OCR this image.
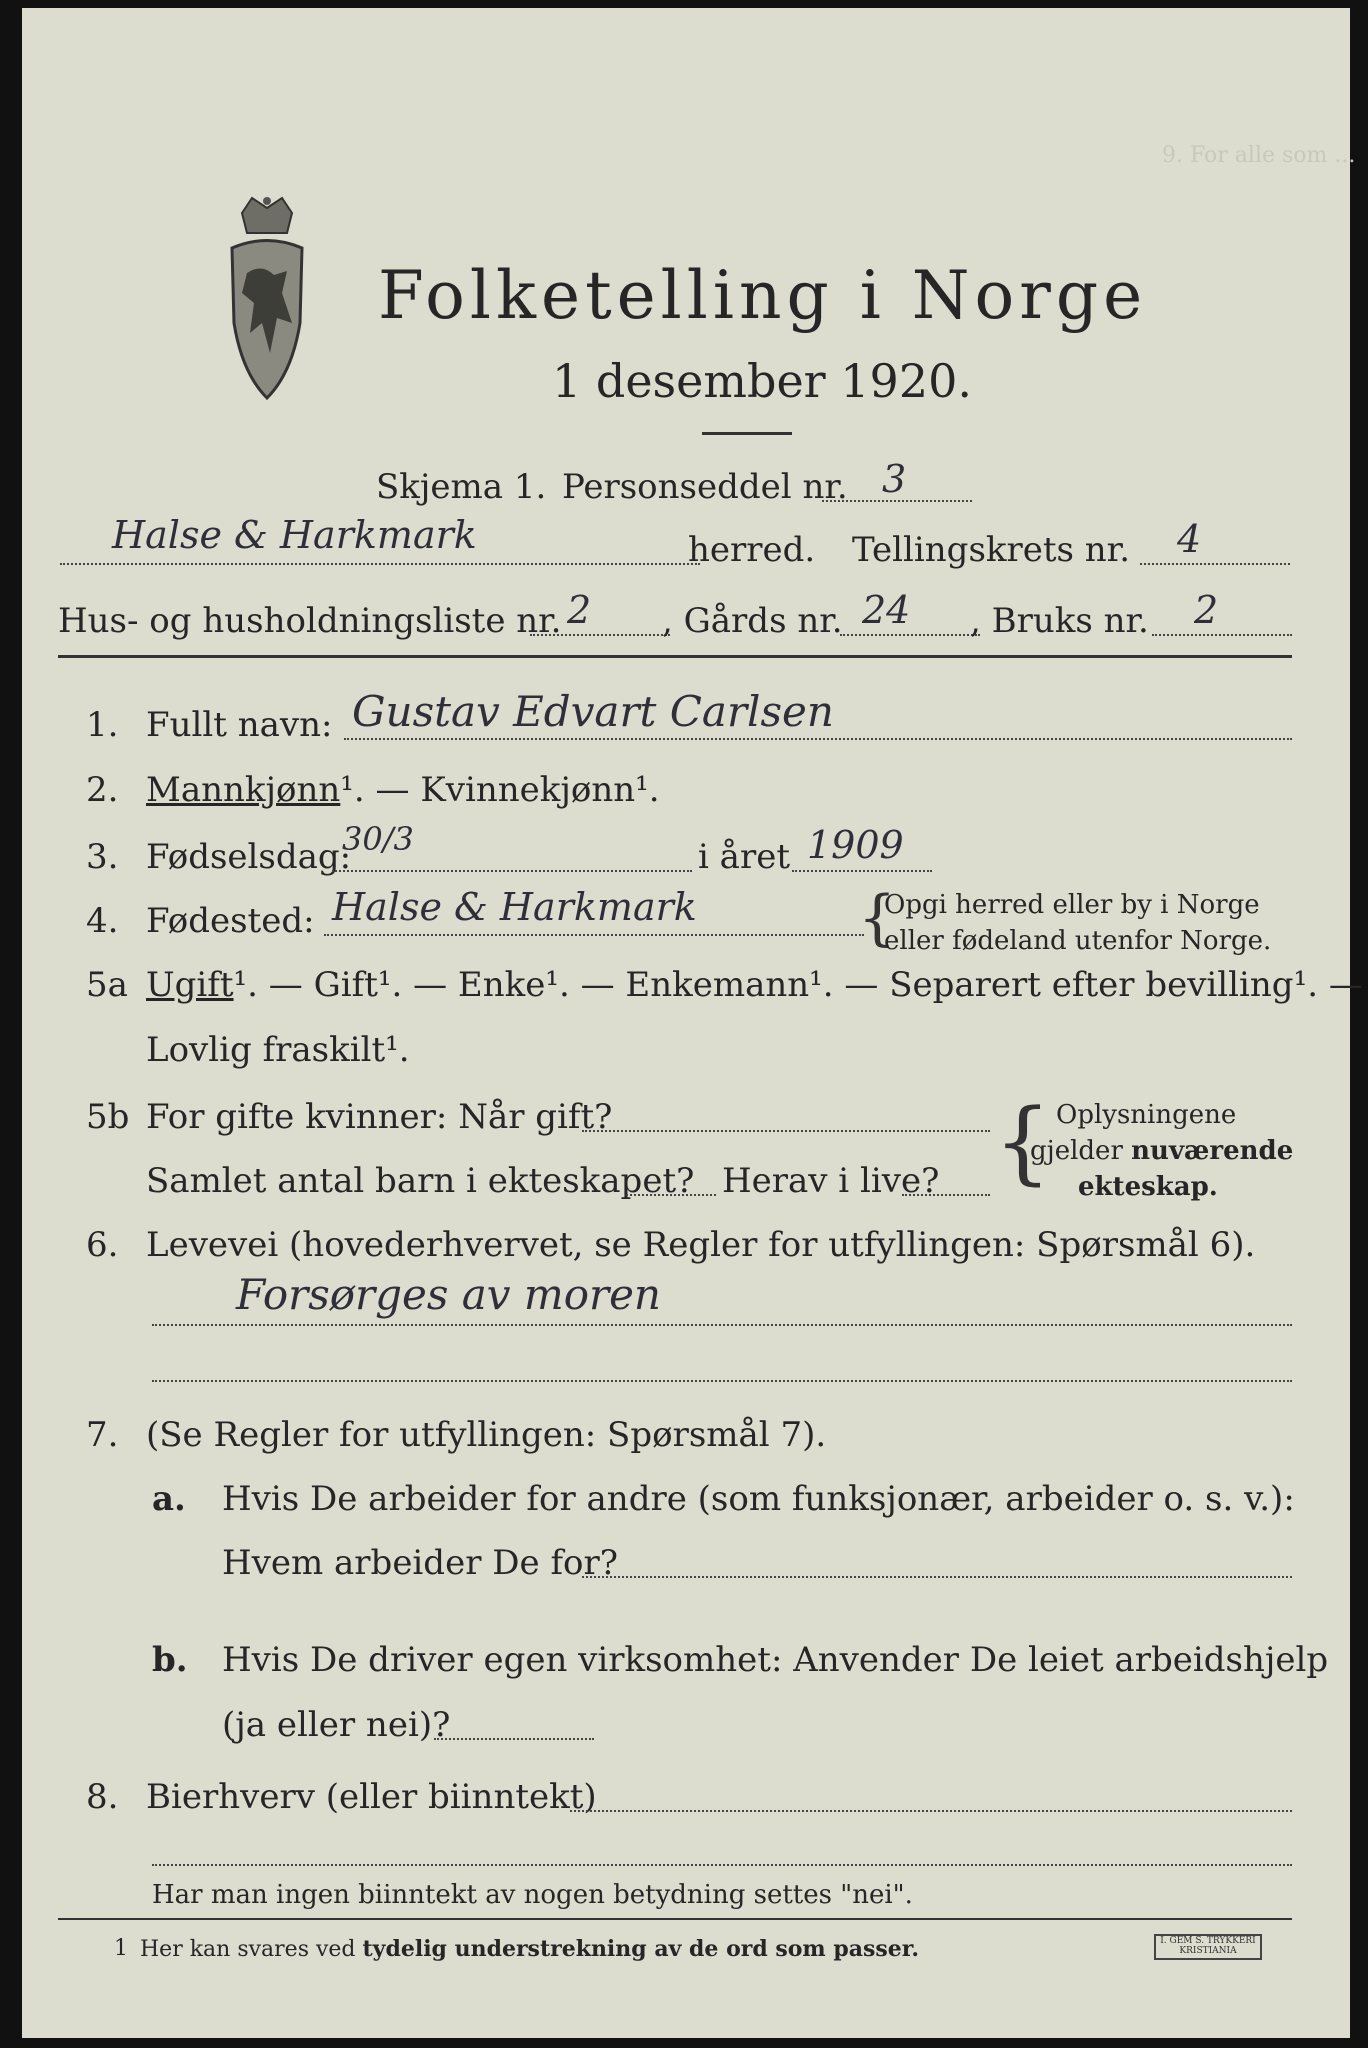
9. For alle som ...
Folketelling i Norge
1 desember 1920.
Skjema 1. Personseddel nr. 3
Halse & Harkmark	herred. Tellingskrets nr. 4
Hus- og husholdningsliste nr. 2 , Gårds nr. 24 , Bruks nr. 2
1. Fullt navn: Gustav Edvart Carlsen
2. Mannkjønn¹. — Kvinnekjønn¹.
3. Fødselsdag:
30/3	i året 1909
4. Fødested: Halse & Harkmark	{
Opgi herred eller by i Norge
eller fødeland utenfor Norge.
5a Ugift¹. — Gift¹. — Enke¹. — Enkemann¹. — Separert efter bevilling¹. —
Lovlig fraskilt¹.
5b For gifte kvinner: Når gift?
Samlet antal barn i ekteskapet? Herav i live? { Oplysningene
gjelder nuværende
ekteskap.
6. Levevei (hovederhvervet, se Regler for utfyllingen: Spørsmål 6).
Forsørges av moren
7. (Se Regler for utfyllingen: Spørsmål 7).
a. Hvis De arbeider for andre (som funksjonær, arbeider o. s. v.):
Hvem arbeider De for?
b. Hvis De driver egen virksomhet: Anvender De leiet arbeidshjelp
(ja eller nei)?
8. Bierhverv (eller biinntekt)
Har man ingen biinntekt av nogen betydning settes "nei".
1 Her kan svares ved tydelig understrekning av de ord som passer.	I. GEM S. TRYKKERI
KRISTIANIA
